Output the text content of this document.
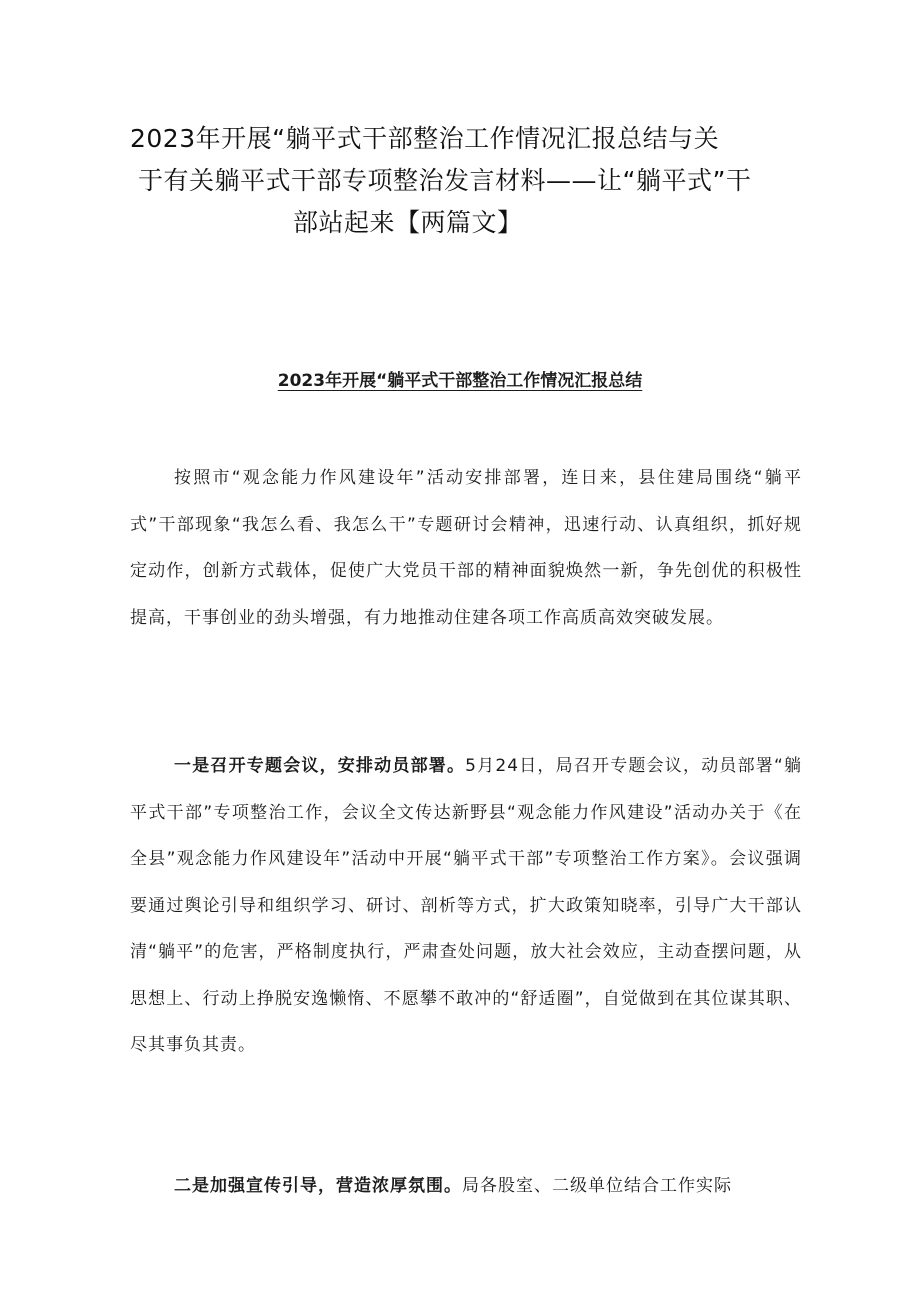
2023年开展“躺平式干部整治工作情况汇报总结与关
于有关躺平式干部专项整治发言材料——让“躺平式”干
部站起来【两篇文】
2023年开展“躺平式干部整治工作情况汇报总结

按照市“观念能力作风建设年”活动安排部署，连日来，县住建局围绕“躺平式”干部现象“我怎么看、我怎么干”专题研讨会精神，迅速行动、认真组织，抓好规定动作，创新方式载体，促使广大党员干部的精神面貌焕然一新，争先创优的积极性提高，干事创业的劲头增强，有力地推动住建各项工作高质高效突破发展。

一是召开专题会议，安排动员部署。5月24日，局召开专题会议，动员部署“躺平式干部”专项整治工作，会议全文传达新野县“观念能力作风建设”活动办关于《在全县”观念能力作风建设年”活动中开展“躺平式干部”专项整治工作方案》。会议强调要通过舆论引导和组织学习、研讨、剖析等方式，扩大政策知晓率，引导广大干部认清“躺平”的危害，严格制度执行，严肃查处问题，放大社会效应，主动查摆问题，从思想上、行动上挣脱安逸懒惰、不愿攀不敢冲的“舒适圈”，自觉做到在其位谋其职、尽其事负其责。

二是加强宣传引导，营造浓厚氛围。局各股室、二级单位结合工作实际
